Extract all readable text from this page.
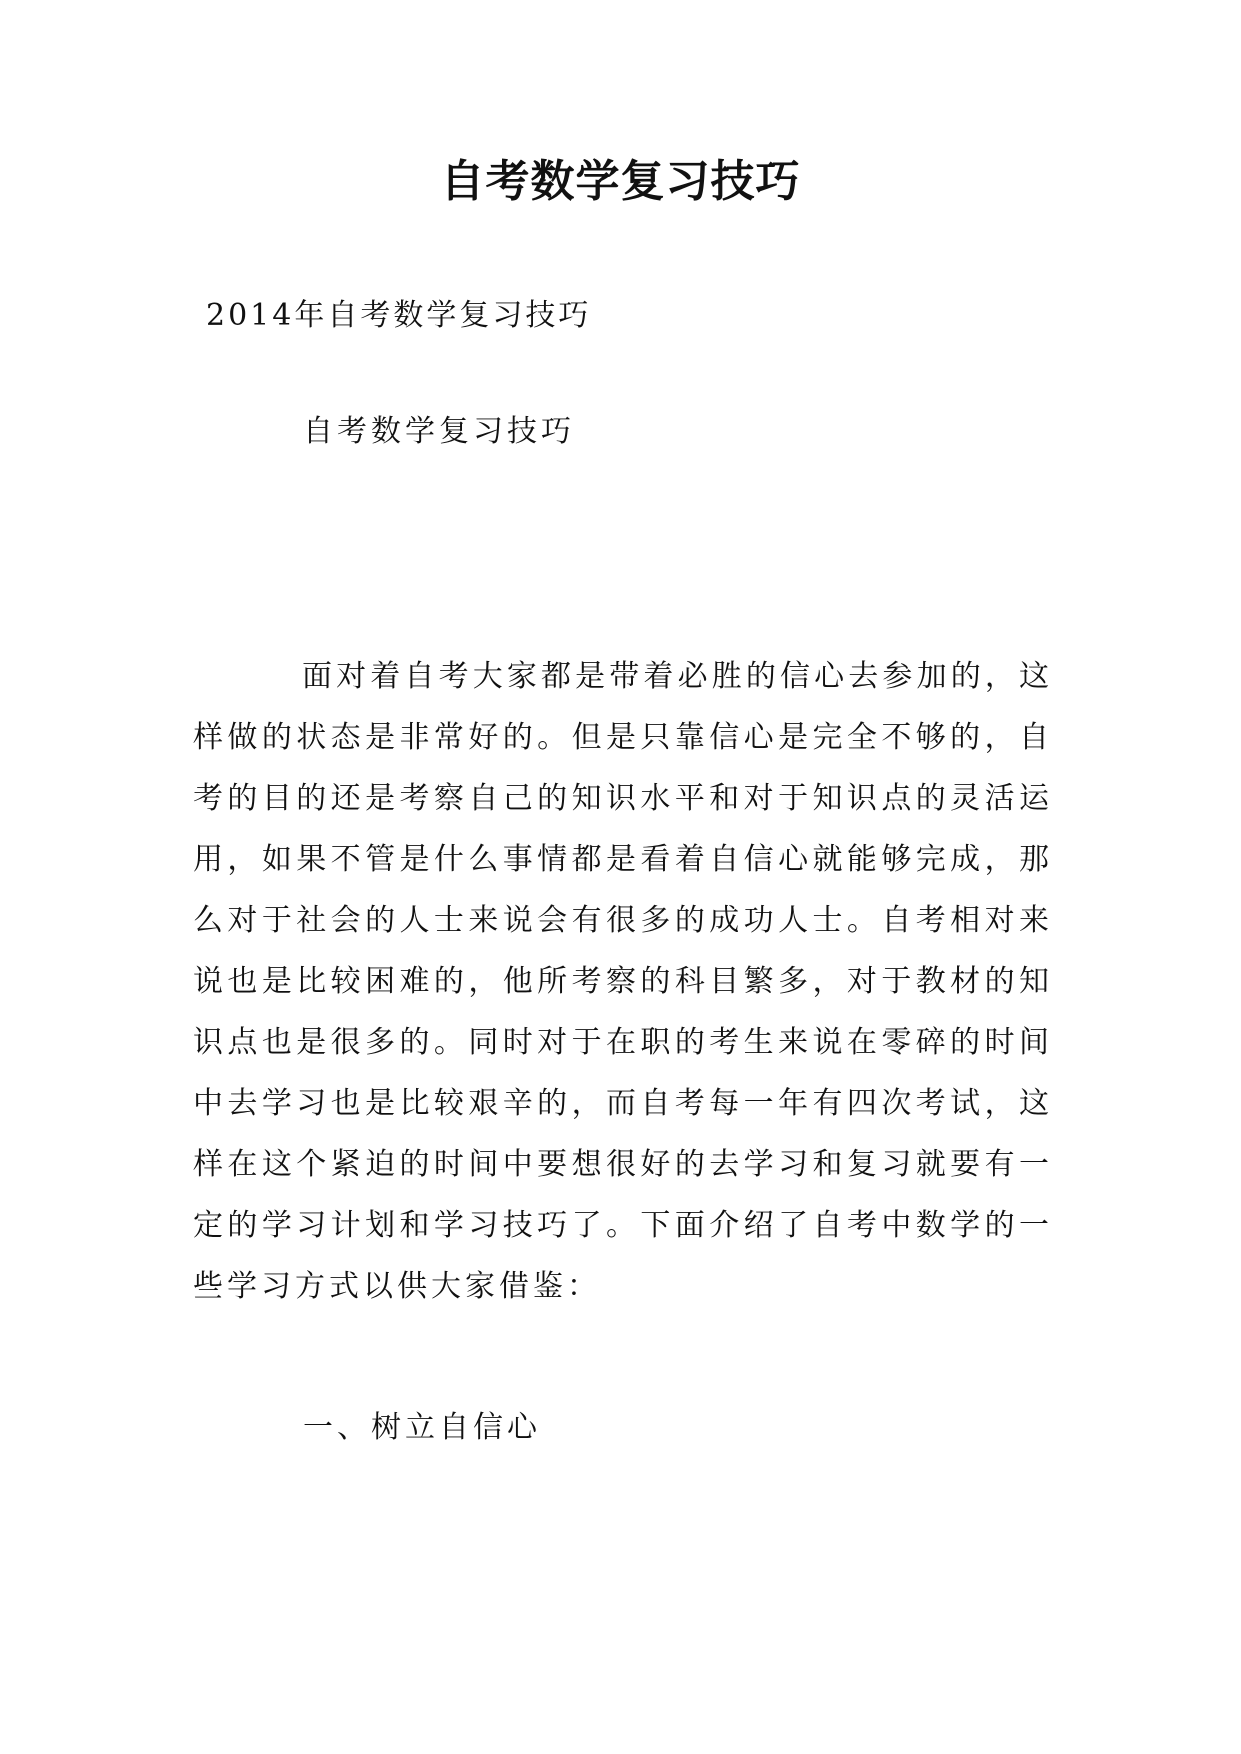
自考数学复习技巧
2014年自考数学复习技巧
自考数学复习技巧

面对着自考大家都是带着必胜的信心去参加的，这样做的状态是非常好的。但是只靠信心是完全不够的，自考的目的还是考察自己的知识水平和对于知识点的灵活运用，如果不管是什么事情都是看着自信心就能够完成，那么对于社会的人士来说会有很多的成功人士。自考相对来说也是比较困难的，他所考察的科目繁多，对于教材的知识点也是很多的。同时对于在职的考生来说在零碎的时间中去学习也是比较艰辛的，而自考每一年有四次考试，这样在这个紧迫的时间中要想很好的去学习和复习就要有一定的学习计划和学习技巧了。下面介绍了自考中数学的一些学习方式以供大家借鉴：

一、树立自信心
